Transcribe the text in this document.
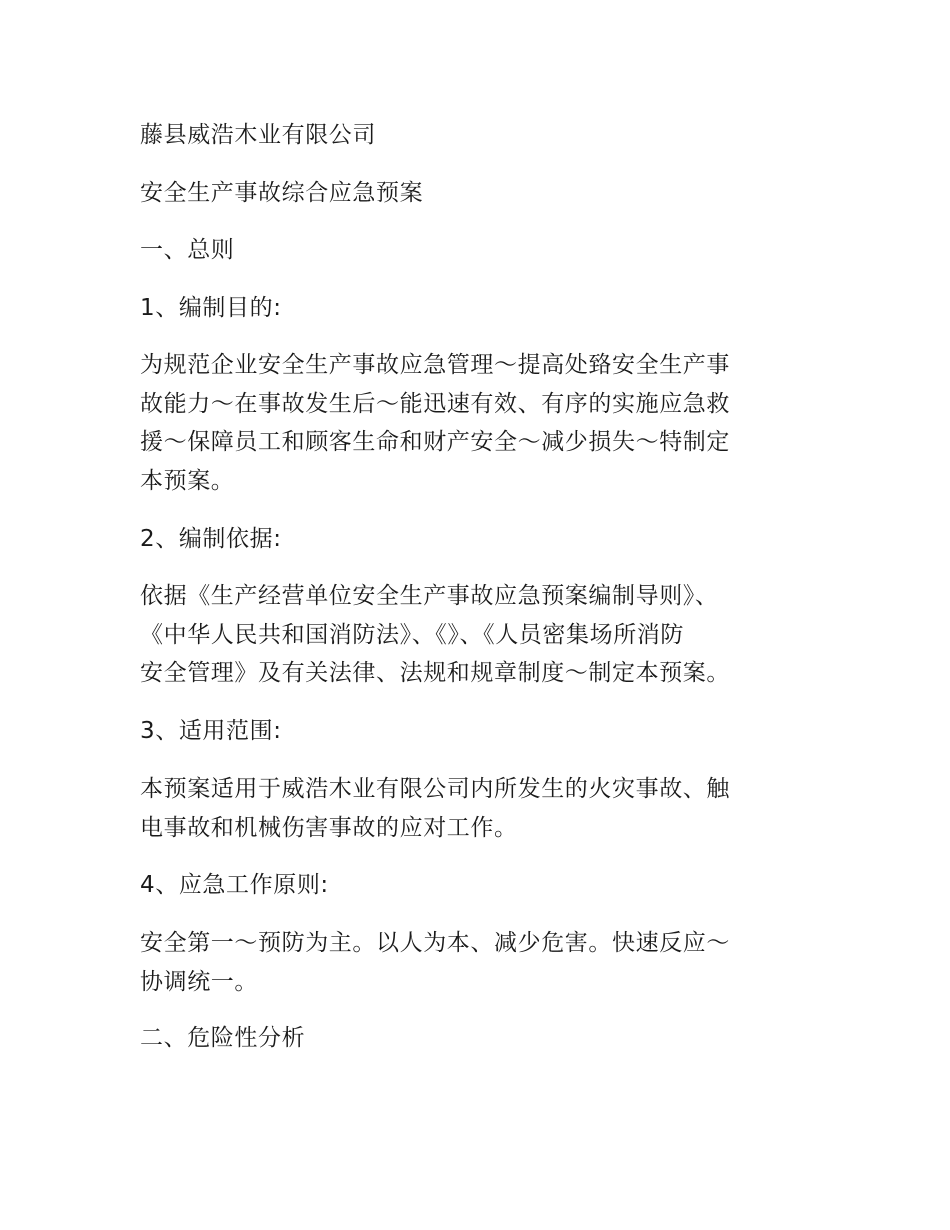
藤县威浩木业有限公司
安全生产事故综合应急预案
一、总则
1、编制目的:
为规范企业安全生产事故应急管理～提高处臵安全生产事
故能力～在事故发生后～能迅速有效、有序的实施应急救
援～保障员工和顾客生命和财产安全～减少损失～特制定
本预案。
2、编制依据:
依据《生产经营单位安全生产事故应急预案编制导则》、
《中华人民共和国消防法》、《》、《人员密集场所消防
安全管理》及有关法律、法规和规章制度～制定本预案。
3、适用范围:
本预案适用于威浩木业有限公司内所发生的火灾事故、触
电事故和机械伤害事故的应对工作。
4、应急工作原则:
安全第一～预防为主。以人为本、减少危害。快速反应～
协调统一。
二、危险性分析
